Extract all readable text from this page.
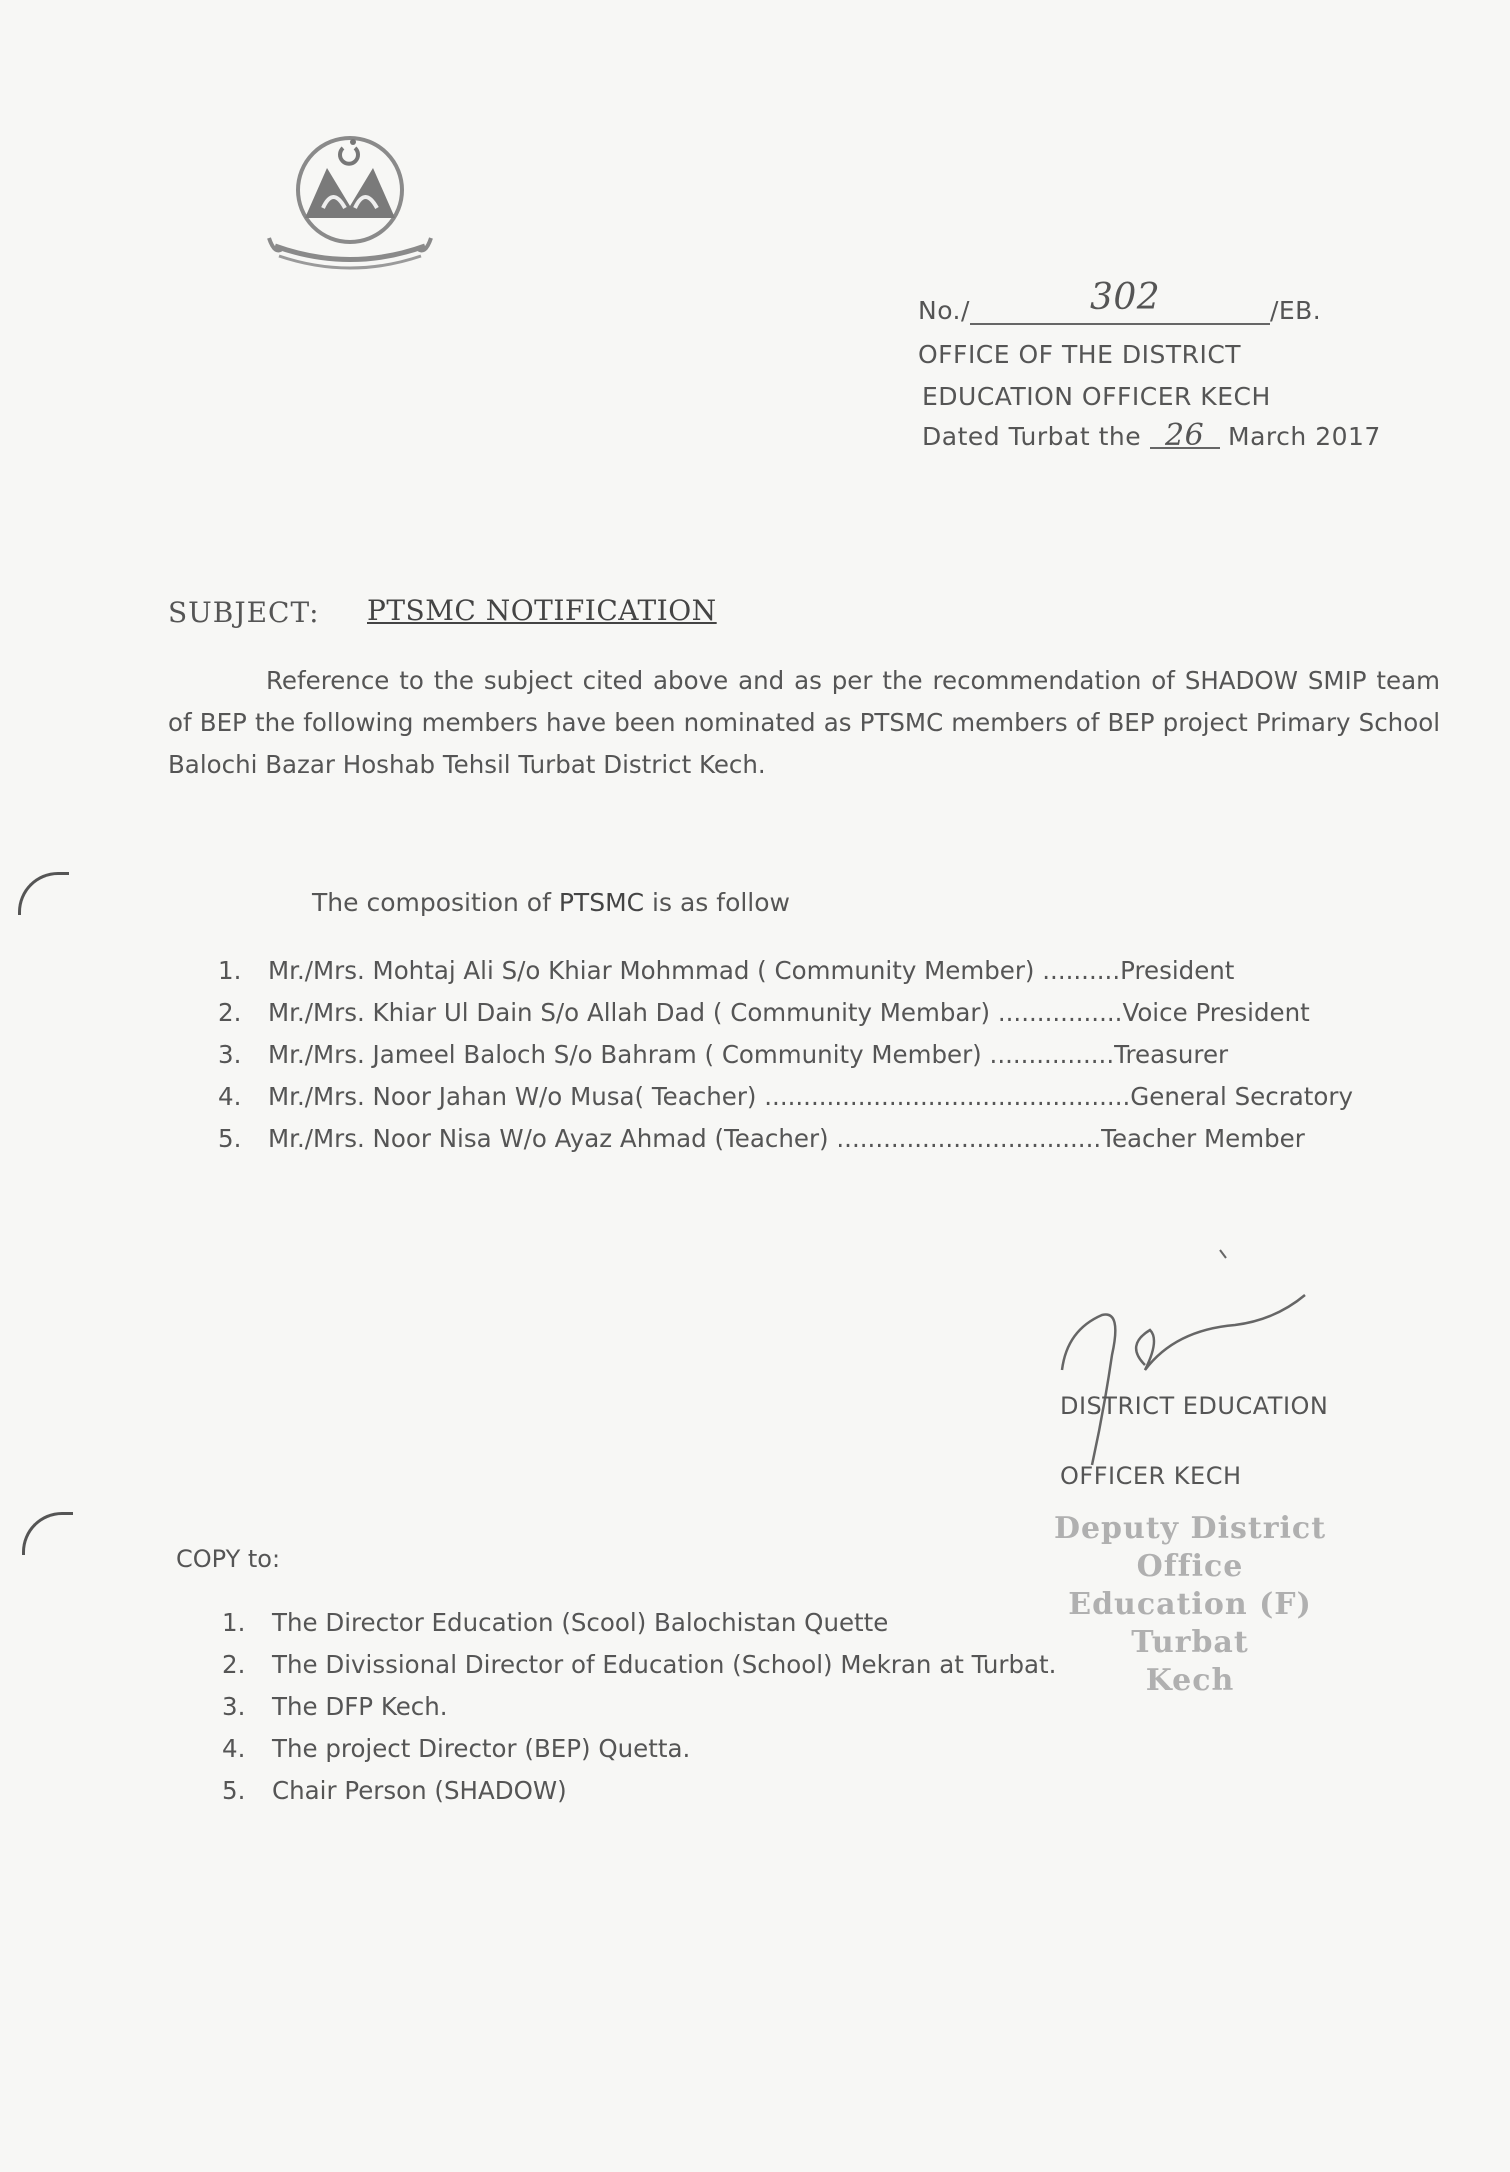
No./	302	/EB.
OFFICE OF THE DISTRICT
EDUCATION OFFICER KECH
Dated Turbat the 26 March 2017
SUBJECT: PTSMC NOTIFICATION
Reference to the subject cited above and as per the recommendation of SHADOW SMIP team of BEP the following members have been nominated as PTSMC members of BEP project Primary School Balochi Bazar Hoshab Tehsil Turbat District Kech.
The composition of PTSMC is as follow
1. Mr./Mrs. Mohtaj Ali S/o Khiar Mohmmad ( Community Member) ..........President
2. Mr./Mrs. Khiar Ul Dain S/o Allah Dad ( Community Membar) ................Voice President
3. Mr./Mrs. Jameel Baloch S/o Bahram ( Community Member) ................Treasurer
4. Mr./Mrs. Noor Jahan W/o Musa( Teacher) ...............................................General Secratory
5. Mr./Mrs. Noor Nisa W/o Ayaz Ahmad (Teacher) ..................................Teacher Member
DISTRICT EDUCATION
OFFICER KECH
Deputy District Office
Education (F) Turbat
Kech
COPY to:
1. The Director Education (Scool) Balochistan Quette
2. The Divissional Director of Education (School) Mekran at Turbat.
3. The DFP Kech.
4. The project Director (BEP) Quetta.
5. Chair Person (SHADOW)
